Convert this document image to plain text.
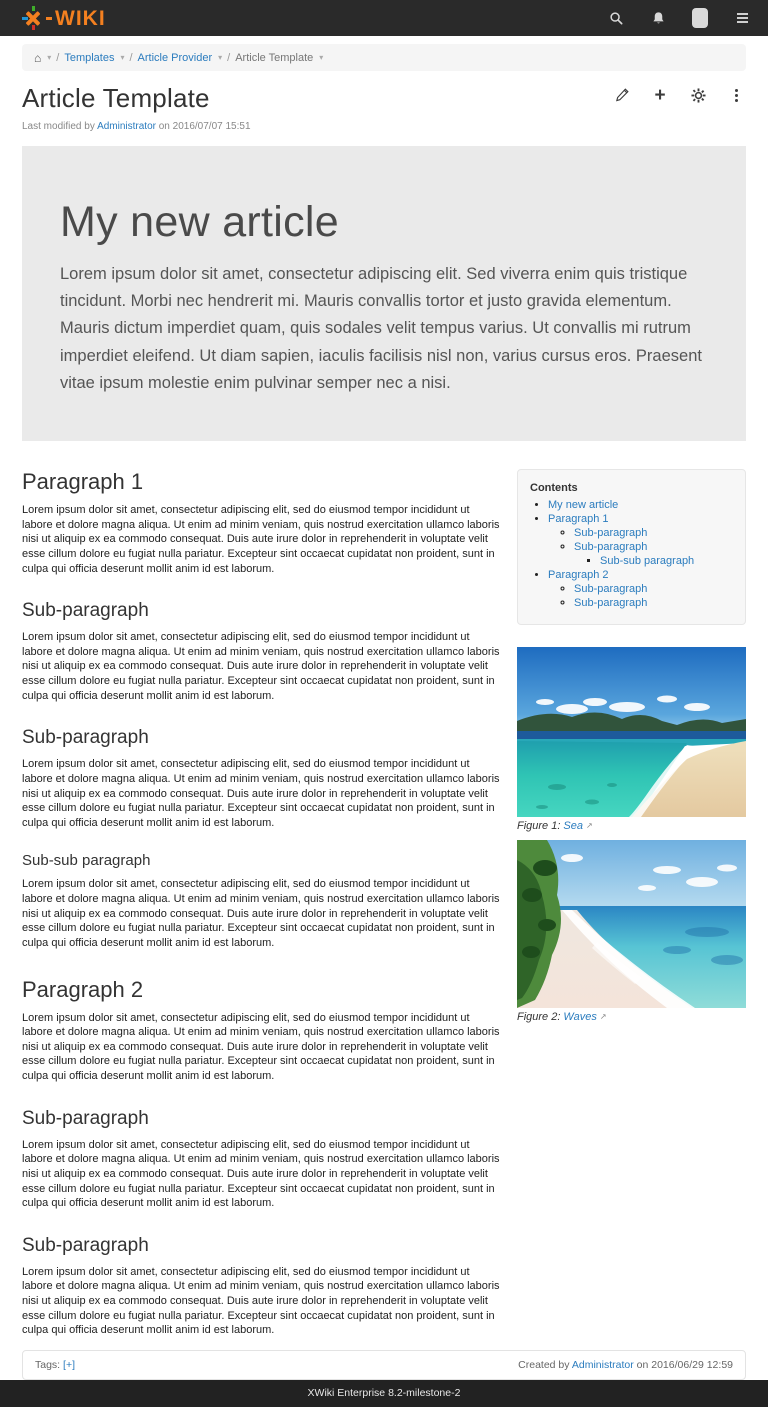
WIKI
⌂ ▾ / Templates ▾ / Article Provider ▾ / Article Template ▾
Article Template
Last modified by Administrator on 2016/07/07 15:51
+
My new article

Lorem ipsum dolor sit amet, consectetur adipiscing elit. Sed viverra enim quis tristique tincidunt. Morbi nec hendrerit mi. Mauris convallis tortor et justo gravida elementum. Mauris dictum imperdiet quam, quis sodales velit tempus varius. Ut convallis mi rutrum imperdiet eleifend. Ut diam sapien, iaculis facilisis nisl non, varius cursus eros. Praesent vitae ipsum molestie enim pulvinar semper nec a nisi.

Paragraph 1

Lorem ipsum dolor sit amet, consectetur adipiscing elit, sed do eiusmod tempor incididunt ut labore et dolore magna aliqua. Ut enim ad minim veniam, quis nostrud exercitation ullamco laboris nisi ut aliquip ex ea commodo consequat. Duis aute irure dolor in reprehenderit in voluptate velit esse cillum dolore eu fugiat nulla pariatur. Excepteur sint occaecat cupidatat non proident, sunt in culpa qui officia deserunt mollit anim id est laborum.

Sub-paragraph

Lorem ipsum dolor sit amet, consectetur adipiscing elit, sed do eiusmod tempor incididunt ut labore et dolore magna aliqua. Ut enim ad minim veniam, quis nostrud exercitation ullamco laboris nisi ut aliquip ex ea commodo consequat. Duis aute irure dolor in reprehenderit in voluptate velit esse cillum dolore eu fugiat nulla pariatur. Excepteur sint occaecat cupidatat non proident, sunt in culpa qui officia deserunt mollit anim id est laborum.

Sub-paragraph

Lorem ipsum dolor sit amet, consectetur adipiscing elit, sed do eiusmod tempor incididunt ut labore et dolore magna aliqua. Ut enim ad minim veniam, quis nostrud exercitation ullamco laboris nisi ut aliquip ex ea commodo consequat. Duis aute irure dolor in reprehenderit in voluptate velit esse cillum dolore eu fugiat nulla pariatur. Excepteur sint occaecat cupidatat non proident, sunt in culpa qui officia deserunt mollit anim id est laborum.

Sub-sub paragraph

Lorem ipsum dolor sit amet, consectetur adipiscing elit, sed do eiusmod tempor incididunt ut labore et dolore magna aliqua. Ut enim ad minim veniam, quis nostrud exercitation ullamco laboris nisi ut aliquip ex ea commodo consequat. Duis aute irure dolor in reprehenderit in voluptate velit esse cillum dolore eu fugiat nulla pariatur. Excepteur sint occaecat cupidatat non proident, sunt in culpa qui officia deserunt mollit anim id est laborum.

Paragraph 2

Lorem ipsum dolor sit amet, consectetur adipiscing elit, sed do eiusmod tempor incididunt ut labore et dolore magna aliqua. Ut enim ad minim veniam, quis nostrud exercitation ullamco laboris nisi ut aliquip ex ea commodo consequat. Duis aute irure dolor in reprehenderit in voluptate velit esse cillum dolore eu fugiat nulla pariatur. Excepteur sint occaecat cupidatat non proident, sunt in culpa qui officia deserunt mollit anim id est laborum.

Sub-paragraph

Lorem ipsum dolor sit amet, consectetur adipiscing elit, sed do eiusmod tempor incididunt ut labore et dolore magna aliqua. Ut enim ad minim veniam, quis nostrud exercitation ullamco laboris nisi ut aliquip ex ea commodo consequat. Duis aute irure dolor in reprehenderit in voluptate velit esse cillum dolore eu fugiat nulla pariatur. Excepteur sint occaecat cupidatat non proident, sunt in culpa qui officia deserunt mollit anim id est laborum.

Sub-paragraph

Lorem ipsum dolor sit amet, consectetur adipiscing elit, sed do eiusmod tempor incididunt ut labore et dolore magna aliqua. Ut enim ad minim veniam, quis nostrud exercitation ullamco laboris nisi ut aliquip ex ea commodo consequat. Duis aute irure dolor in reprehenderit in voluptate velit esse cillum dolore eu fugiat nulla pariatur. Excepteur sint occaecat cupidatat non proident, sunt in culpa qui officia deserunt mollit anim id est laborum.

Contents
• My new article
• Paragraph 1
◦ Sub-paragraph
◦ Sub-paragraph
▪ Sub-sub paragraph
• Paragraph 2
◦ Sub-paragraph
◦ Sub-paragraph
Figure 1: Sea ↗
Figure 2: Waves ↗
Tags: [+]	Created by Administrator on 2016/06/29 12:59
XWiki Enterprise 8.2-milestone-2
